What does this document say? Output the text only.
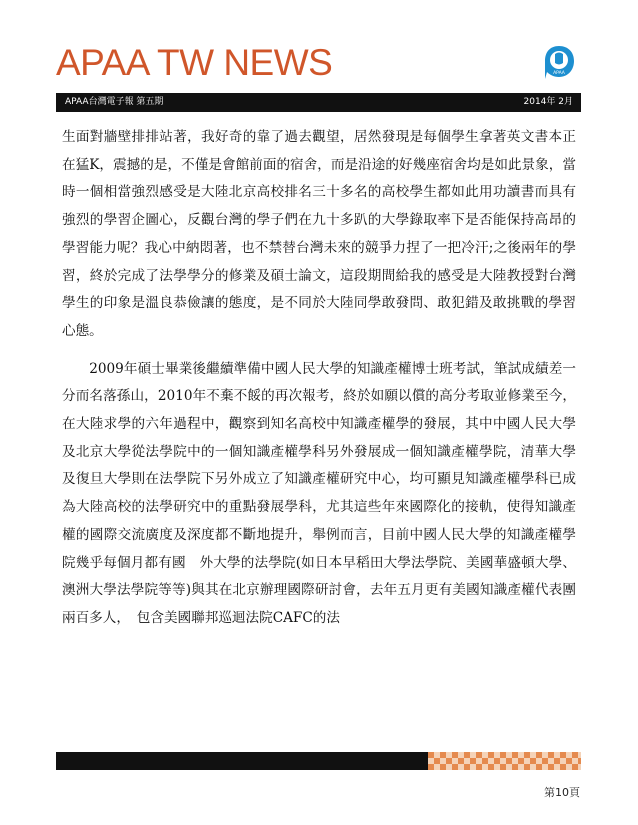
APAA TW NEWS	APAA
APAA台灣電子報 第五期	2014年 2月

生面對牆壁排排站著，我好奇的靠了過去觀望，居然發現是每個學生拿著英文書本正在猛K，震撼的是，不僅是會館前面的宿舍，而是沿途的好幾座宿舍均是如此景象，當時一個相當強烈感受是大陸北京高校排名三十多名的高校學生都如此用功讀書而具有強烈的學習企圖心，反觀台灣的學子們在九十多趴的大學錄取率下是否能保持高昂的學習能力呢？我心中納悶著，也不禁替台灣未來的競爭力捏了一把冷汗;之後兩年的學習，終於完成了法學學分的修業及碩士論文，這段期間給我的感受是大陸教授對台灣學生的印象是溫良恭儉讓的態度，是不同於大陸同學敢發問、敢犯錯及敢挑戰的學習心態。

2009年碩士畢業後繼續準備中國人民大學的知識產權博士班考試，筆試成績差一分而名落孫山，2010年不棄不餒的再次報考，終於如願以償的高分考取並修業至今，在大陸求學的六年過程中，觀察到知名高校中知識產權學的發展，其中中國人民大學及北京大學從法學院中的一個知識產權學科另外發展成一個知識產權學院，清華大學及復旦大學則在法學院下另外成立了知識產權研究中心，均可顯見知識產權學科已成為大陸高校的法學研究中的重點發展學科，尤其這些年來國際化的接軌，使得知識產權的國際交流廣度及深度都不斷地提升，舉例而言，目前中國人民大學的知識產權學院幾乎每個月都有國　外大學的法學院(如日本早稻田大學法學院、美國華盛頓大學、澳洲大學法學院等等)與其在北京辦理國際研討會，去年五月更有美國知識產權代表團兩百多人，　包含美國聯邦巡迴法院CAFC的法

第10頁
